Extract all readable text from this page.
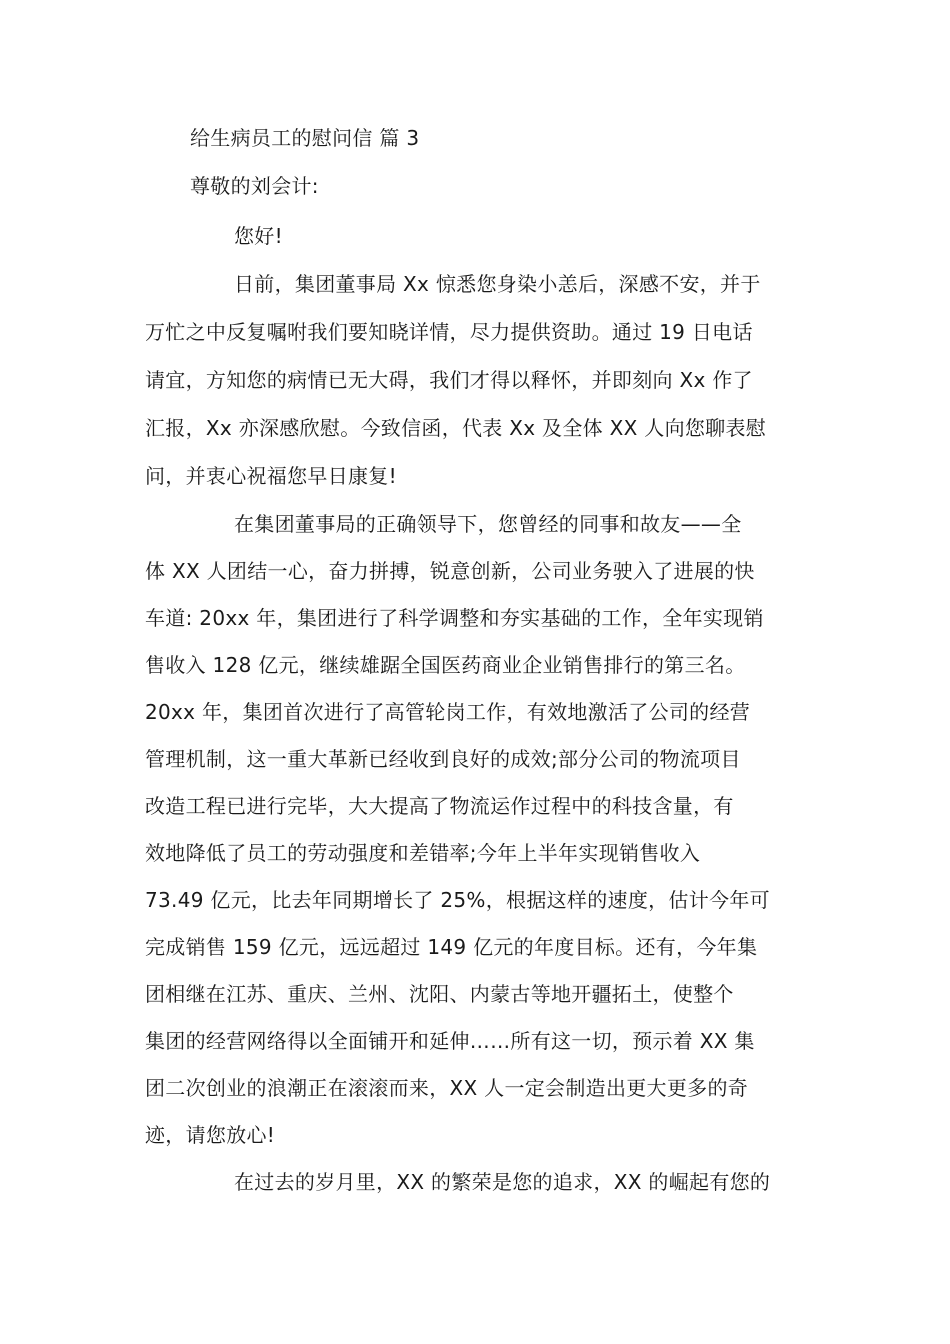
给生病员工的慰问信 篇 3
尊敬的刘会计:
您好!
日前，集团董事局 Xx 惊悉您身染小恙后，深感不安，并于
万忙之中反复嘱咐我们要知晓详情，尽力提供资助。通过 19 日电话
请宜，方知您的病情已无大碍，我们才得以释怀，并即刻向 Xx 作了
汇报，Xx 亦深感欣慰。今致信函，代表 Xx 及全体 XX 人向您聊表慰
问，并衷心祝福您早日康复!
在集团董事局的正确领导下，您曾经的同事和故友——全
体 XX 人团结一心，奋力拼搏，锐意创新，公司业务驶入了进展的快
车道: 20xx 年，集团进行了科学调整和夯实基础的工作，全年实现销
售收入 128 亿元，继续雄踞全国医药商业企业销售排行的第三名。
20xx 年，集团首次进行了高管轮岗工作，有效地激活了公司的经营
管理机制，这一重大革新已经收到良好的成效;部分公司的物流项目
改造工程已进行完毕，大大提高了物流运作过程中的科技含量，有
效地降低了员工的劳动强度和差错率;今年上半年实现销售收入
73.49 亿元，比去年同期增长了 25%，根据这样的速度，估计今年可
完成销售 159 亿元，远远超过 149 亿元的年度目标。还有，今年集
团相继在江苏、重庆、兰州、沈阳、内蒙古等地开疆拓土，使整个
集团的经营网络得以全面铺开和延伸……所有这一切，预示着 XX 集
团二次创业的浪潮正在滚滚而来，XX 人一定会制造出更大更多的奇
迹，请您放心!
在过去的岁月里，XX 的繁荣是您的追求，XX 的崛起有您的
